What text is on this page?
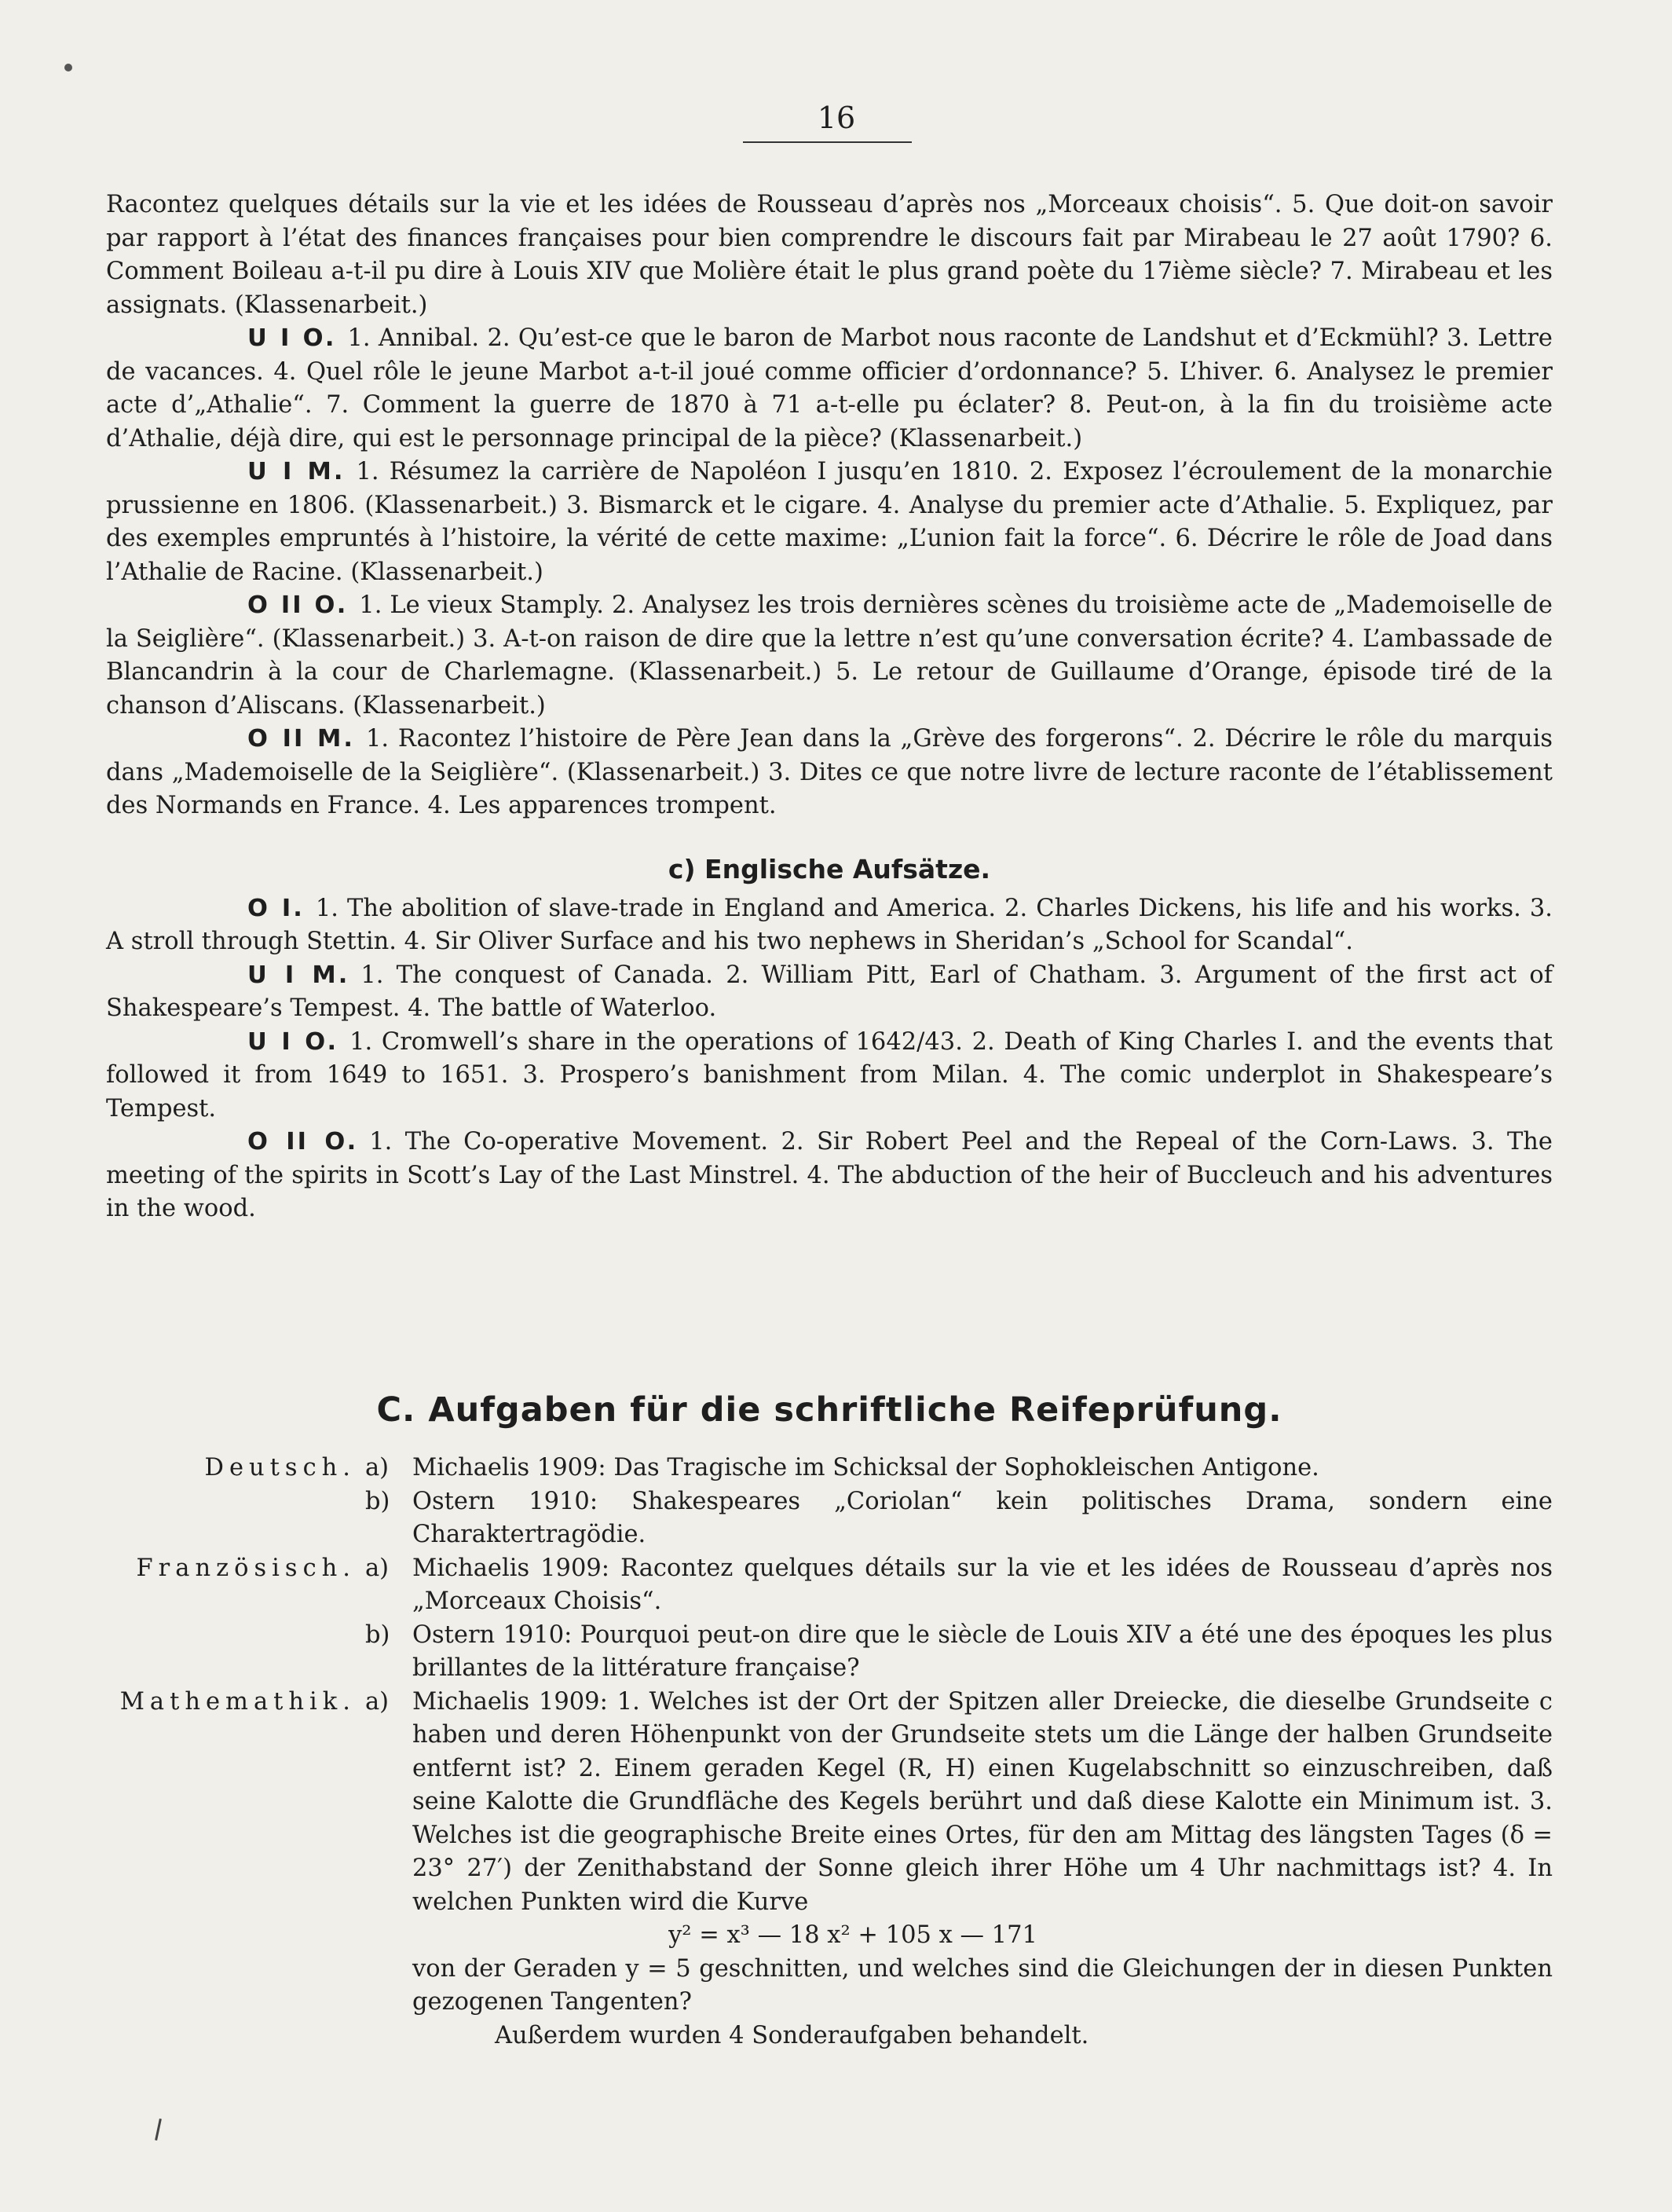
16

Racontez quelques détails sur la vie et les idées de Rousseau d’après nos „Morceaux choisis“. 5. Que doit-on savoir par rapport à l’état des finances françaises pour bien comprendre le discours fait par Mirabeau le 27 août 1790? 6. Comment Boileau a-t-il pu dire à Louis XIV que Molière était le plus grand poète du 17ième siècle? 7. Mirabeau et les assignats. (Klassenarbeit.)

U I O. 1. Annibal. 2. Qu’est-ce que le baron de Marbot nous raconte de Landshut et d’Eckmühl? 3. Lettre de vacances. 4. Quel rôle le jeune Marbot a-t-il joué comme officier d’ordonnance? 5. L’hiver. 6. Analysez le premier acte d’„Athalie“. 7. Comment la guerre de 1870 à 71 a-t-elle pu éclater? 8. Peut-on, à la fin du troisième acte d’Athalie, déjà dire, qui est le personnage principal de la pièce? (Klassenarbeit.)

U I M. 1. Résumez la carrière de Napoléon I jusqu’en 1810. 2. Exposez l’écroulement de la monarchie prussienne en 1806. (Klassenarbeit.) 3. Bismarck et le cigare. 4. Analyse du premier acte d’Athalie. 5. Expliquez, par des exemples empruntés à l’histoire, la vérité de cette maxime: „L’union fait la force“. 6. Décrire le rôle de Joad dans l’Athalie de Racine. (Klassenarbeit.)

O II O. 1. Le vieux Stamply. 2. Analysez les trois dernières scènes du troisième acte de „Mademoiselle de la Seiglière“. (Klassenarbeit.) 3. A-t-on raison de dire que la lettre n’est qu’une conversation écrite? 4. L’ambassade de Blancandrin à la cour de Charlemagne. (Klassenarbeit.) 5. Le retour de Guillaume d’Orange, épisode tiré de la chanson d’Aliscans. (Klassenarbeit.)

O II M. 1. Racontez l’histoire de Père Jean dans la „Grève des forgerons“. 2. Décrire le rôle du marquis dans „Mademoiselle de la Seiglière“. (Klassenarbeit.) 3. Dites ce que notre livre de lecture raconte de l’établissement des Normands en France. 4. Les apparences trompent.

c) Englische Aufsätze.

O I. 1. The abolition of slave-trade in England and America. 2. Charles Dickens, his life and his works. 3. A stroll through Stettin. 4. Sir Oliver Surface and his two nephews in Sheridan’s „School for Scandal“.

U I M. 1. The conquest of Canada. 2. William Pitt, Earl of Chatham. 3. Argument of the first act of Shakespeare’s Tempest. 4. The battle of Waterloo.

U I O. 1. Cromwell’s share in the operations of 1642/43. 2. Death of King Charles I. and the events that followed it from 1649 to 1651. 3. Prospero’s banishment from Milan. 4. The comic underplot in Shakespeare’s Tempest.

O II O. 1. The Co-operative Movement. 2. Sir Robert Peel and the Repeal of the Corn-Laws. 3. The meeting of the spirits in Scott’s Lay of the Last Minstrel. 4. The abduction of the heir of Buccleuch and his adventures in the wood.

C. Aufgaben für die schriftliche Reifeprüfung.
Deutsch. a) Michaelis 1909: Das Tragische im Schicksal der Sophokleischen Antigone.
b) Ostern 1910: Shakespeares „Coriolan“ kein politisches Drama, sondern eine Charaktertragödie.
Französisch. a) Michaelis 1909: Racontez quelques détails sur la vie et les idées de Rousseau d’après nos „Morceaux Choisis“.
b) Ostern 1910: Pourquoi peut-on dire que le siècle de Louis XIV a été une des époques les plus brillantes de la littérature française?
Mathemathik. a) Michaelis 1909: 1. Welches ist der Ort der Spitzen aller Dreiecke, die dieselbe Grundseite c haben und deren Höhenpunkt von der Grundseite stets um die Länge der halben Grundseite entfernt ist? 2. Einem geraden Kegel (R, H) einen Kugelabschnitt so einzuschreiben, daß seine Kalotte die Grundfläche des Kegels berührt und daß diese Kalotte ein Minimum ist. 3. Welches ist die geographische Breite eines Ortes, für den am Mittag des längsten Tages (δ = 23° 27′) der Zenithabstand der Sonne gleich ihrer Höhe um 4 Uhr nachmittags ist? 4. In welchen Punkten wird die Kurve
y² = x³ — 18 x² + 105 x — 171
von der Geraden y = 5 geschnitten, und welches sind die Gleichungen der in diesen Punkten gezogenen Tangenten?
Außerdem wurden 4 Sonderaufgaben behandelt.
